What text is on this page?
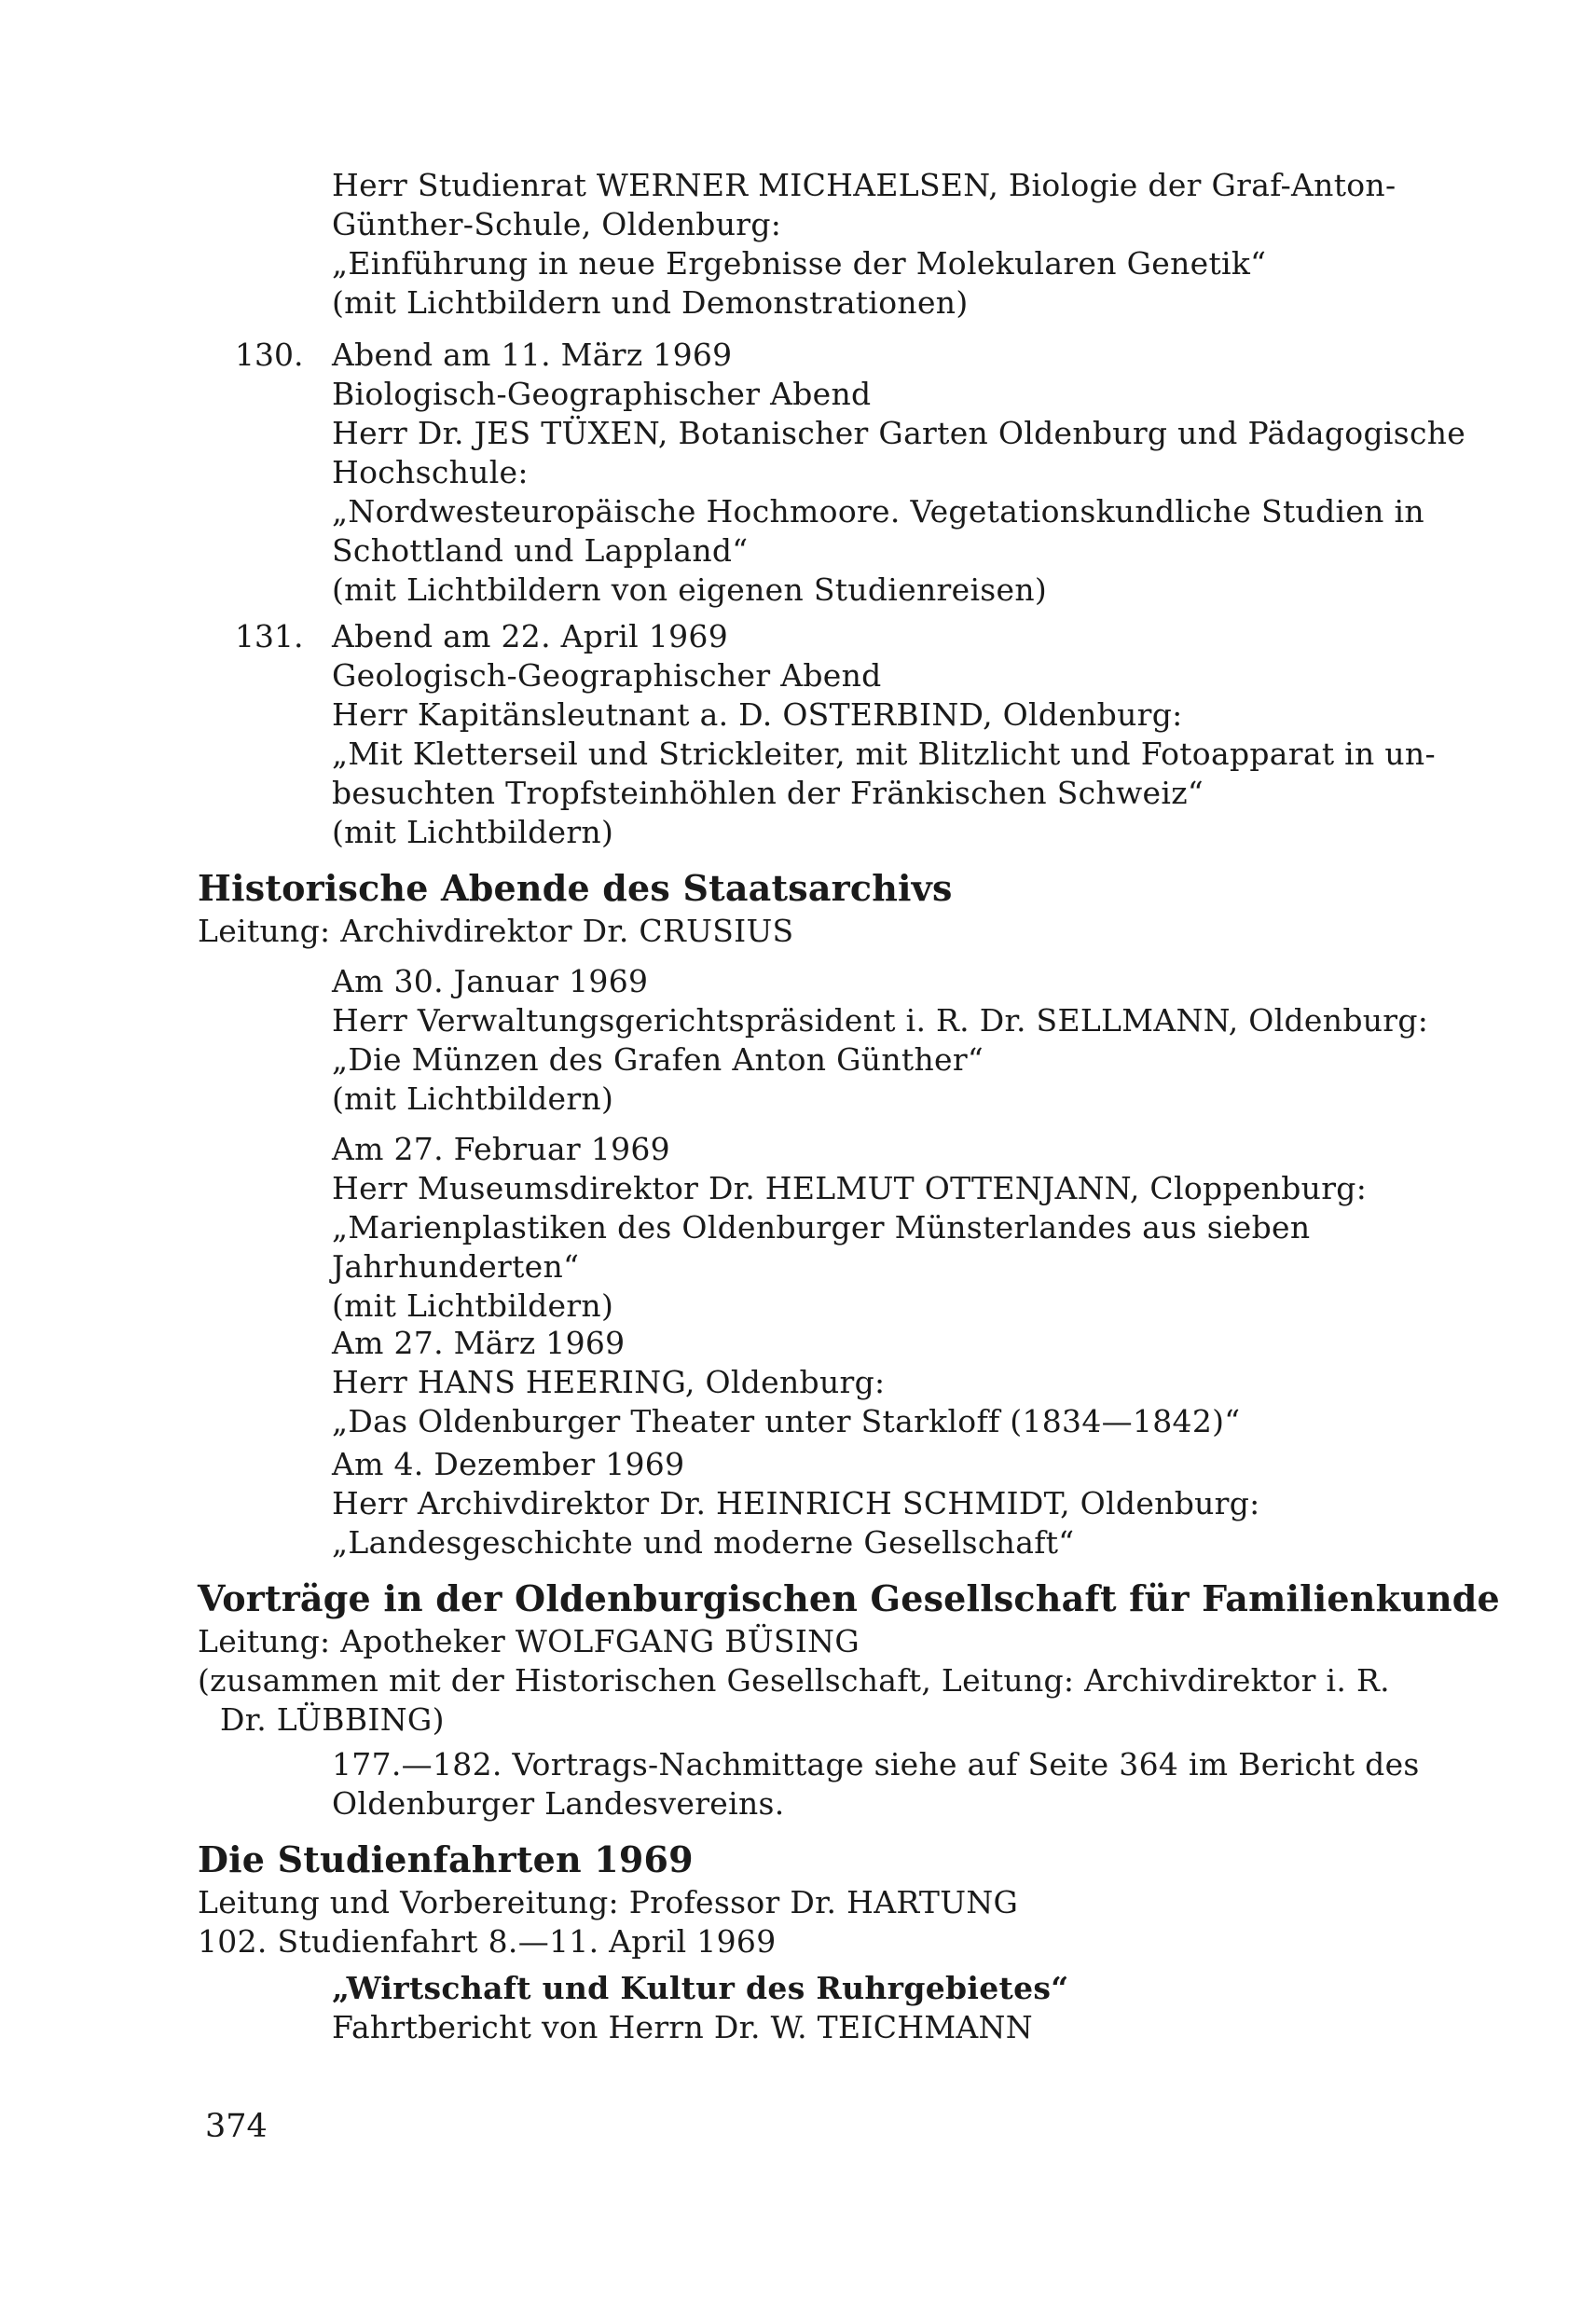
Herr Studienrat WERNER MICHAELSEN, Biologie der Graf-Anton-
Günther-Schule, Oldenburg:
„Einführung in neue Ergebnisse der Molekularen Genetik“
(mit Lichtbildern und Demonstrationen)
130. Abend am 11. März 1969
Biologisch-Geographischer Abend
Herr Dr. JES TÜXEN, Botanischer Garten Oldenburg und Pädagogische
Hochschule:
„Nordwesteuropäische Hochmoore. Vegetationskundliche Studien in
Schottland und Lappland“
(mit Lichtbildern von eigenen Studienreisen)
131. Abend am 22. April 1969
Geologisch-Geographischer Abend
Herr Kapitänsleutnant a. D. OSTERBIND, Oldenburg:
„Mit Kletterseil und Strickleiter, mit Blitzlicht und Fotoapparat in un-
besuchten Tropfsteinhöhlen der Fränkischen Schweiz“
(mit Lichtbildern)
Historische Abende des Staatsarchivs
Leitung: Archivdirektor Dr. CRUSIUS
Am 30. Januar 1969
Herr Verwaltungsgerichtspräsident i. R. Dr. SELLMANN, Oldenburg:
„Die Münzen des Grafen Anton Günther“
(mit Lichtbildern)
Am 27. Februar 1969
Herr Museumsdirektor Dr. HELMUT OTTENJANN, Cloppenburg:
„Marienplastiken des Oldenburger Münsterlandes aus sieben
Jahrhunderten“
(mit Lichtbildern)
Am 27. März 1969
Herr HANS HEERING, Oldenburg:
„Das Oldenburger Theater unter Starkloff (1834—1842)“
Am 4. Dezember 1969
Herr Archivdirektor Dr. HEINRICH SCHMIDT, Oldenburg:
„Landesgeschichte und moderne Gesellschaft“
Vorträge in der Oldenburgischen Gesellschaft für Familienkunde
Leitung: Apotheker WOLFGANG BÜSING
(zusammen mit der Historischen Gesellschaft, Leitung: Archivdirektor i. R.
Dr. LÜBBING)
177.—182. Vortrags-Nachmittage siehe auf Seite 364 im Bericht des
Oldenburger Landesvereins.
Die Studienfahrten 1969
Leitung und Vorbereitung: Professor Dr. HARTUNG
102. Studienfahrt 8.—11. April 1969
„Wirtschaft und Kultur des Ruhrgebietes“
Fahrtbericht von Herrn Dr. W. TEICHMANN
374
